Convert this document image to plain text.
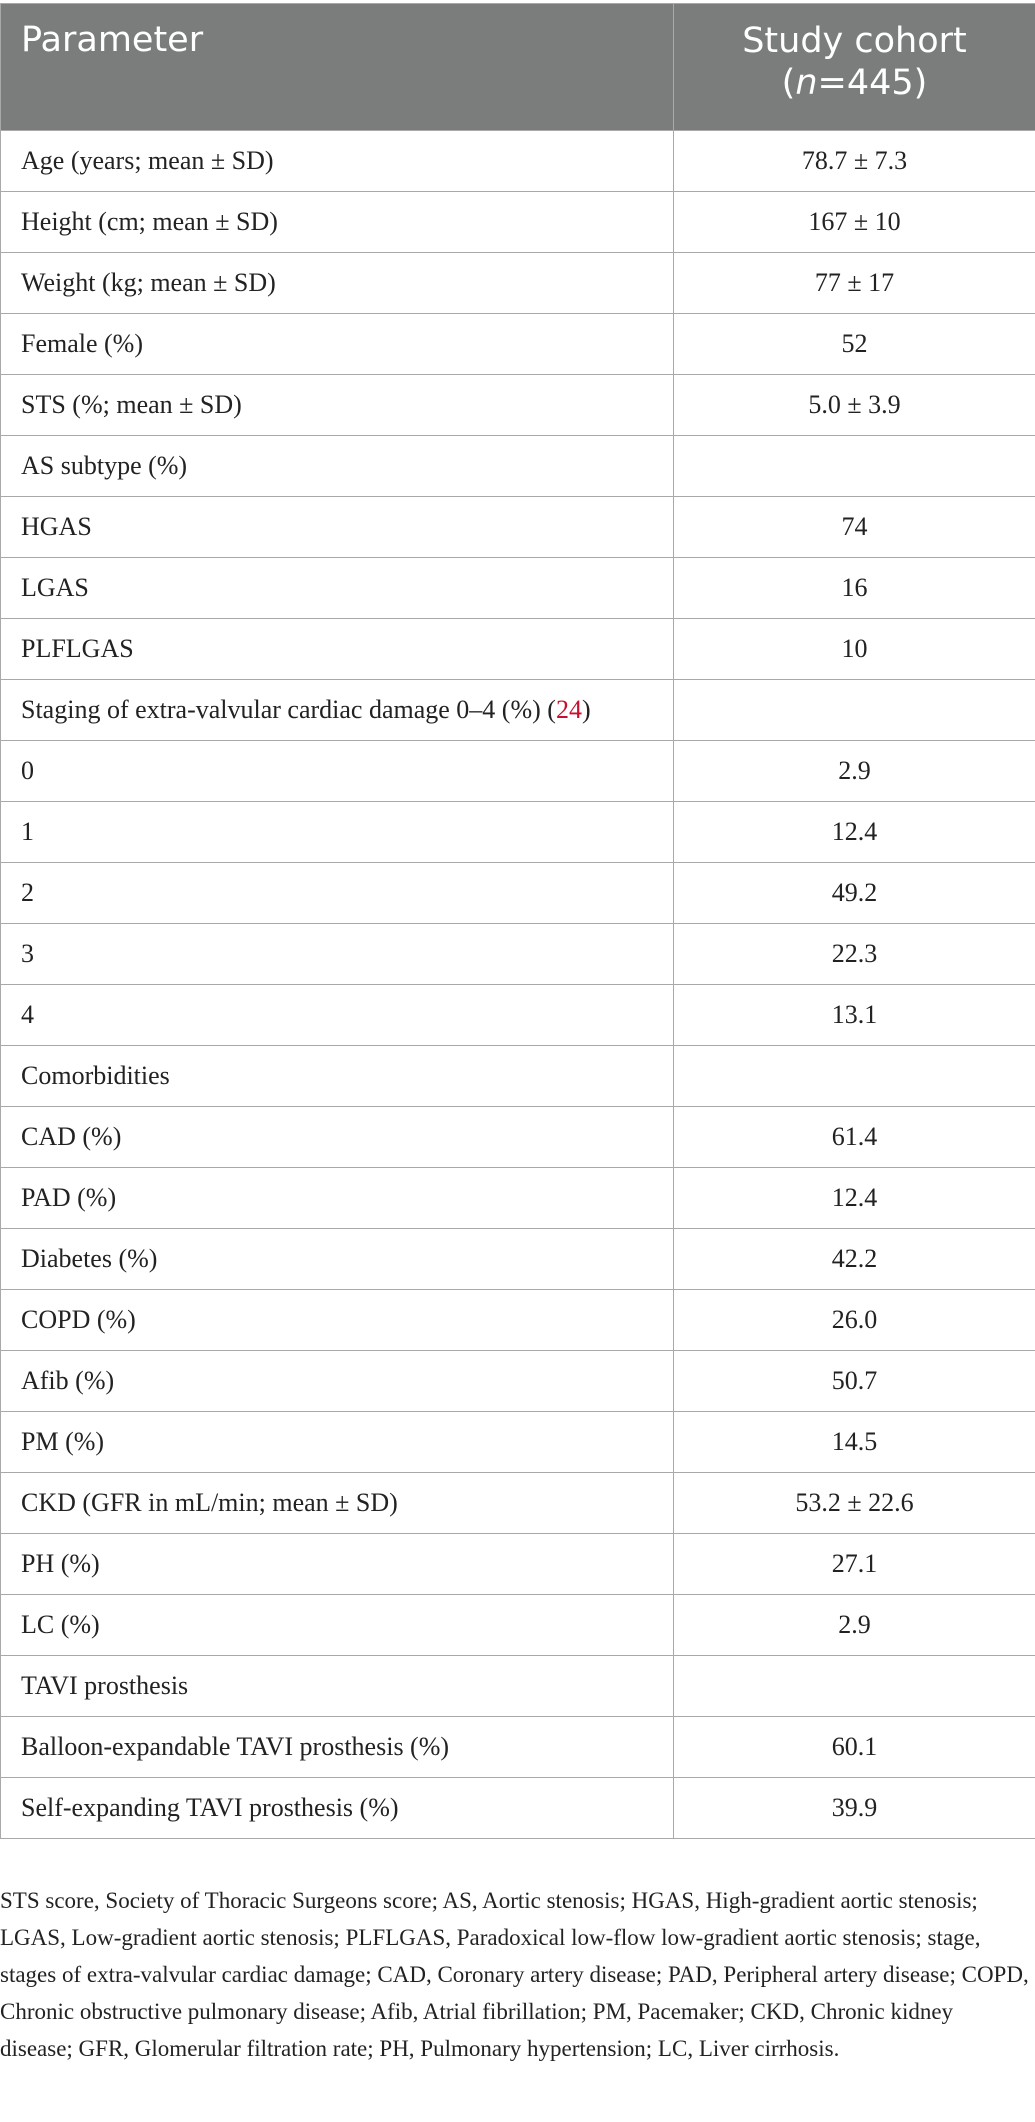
Parameter	Study cohort
(n=445)
Age (years; mean ± SD)	78.7 ± 7.3
Height (cm; mean ± SD)	167 ± 10
Weight (kg; mean ± SD)	77 ± 17
Female (%)	52
STS (%; mean ± SD)	5.0 ± 3.9
AS subtype (%)	
HGAS	74
LGAS	16
PLFLGAS	10
Staging of extra-valvular cardiac damage 0–4 (%) (24)	
0	2.9
1	12.4
2	49.2
3	22.3
4	13.1
Comorbidities	
CAD (%)	61.4
PAD (%)	12.4
Diabetes (%)	42.2
COPD (%)	26.0
Afib (%)	50.7
PM (%)	14.5
CKD (GFR in mL/min; mean ± SD)	53.2 ± 22.6
PH (%)	27.1
LC (%)	2.9
TAVI prosthesis	
Balloon-expandable TAVI prosthesis (%)	60.1
Self-expanding TAVI prosthesis (%)	39.9
STS score, Society of Thoracic Surgeons score; AS, Aortic stenosis; HGAS, High-gradient aortic stenosis; LGAS, Low-gradient aortic stenosis; PLFLGAS, Paradoxical low-flow low-gradient aortic stenosis; stage, stages of extra-valvular cardiac damage; CAD, Coronary artery disease; PAD, Peripheral artery disease; COPD, Chronic obstructive pulmonary disease; Afib, Atrial fibrillation; PM, Pacemaker; CKD, Chronic kidney disease; GFR, Glomerular filtration rate; PH, Pulmonary hypertension; LC, Liver cirrhosis.
